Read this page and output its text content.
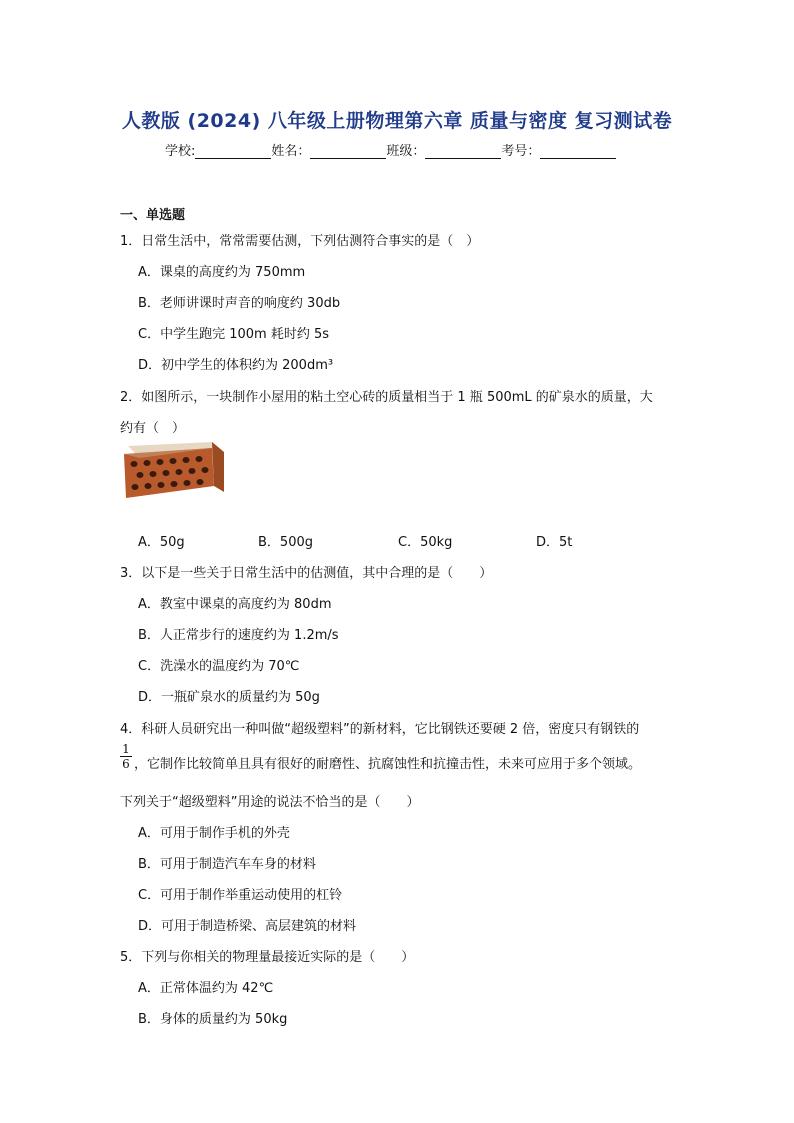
人教版 (2024) 八年级上册物理第六章 质量与密度 复习测试卷
学校:	姓名：	班级：	考号：
一、单选题
1．日常生活中，常常需要估测，下列估测符合事实的是（　）
A．课桌的高度约为 750mm
B．老师讲课时声音的响度约 30db
C．中学生跑完 100m 耗时约 5s
D．初中学生的体积约为 200dm³
2．如图所示，一块制作小屋用的粘土空心砖的质量相当于 1 瓶 500mL 的矿泉水的质量，大
约有（　）
A．50g	B．500g	C．50kg	D．5t
3．以下是一些关于日常生活中的估测值，其中合理的是（　　）
A．教室中课桌的高度约为 80dm
B．人正常步行的速度约为 1.2m/s
C．洗澡水的温度约为 70℃
D．一瓶矿泉水的质量约为 50g
4．科研人员研究出一种叫做“超级塑料”的新材料，它比钢铁还要硬 2 倍，密度只有钢铁的
$\frac{1}{6}$ ，它制作比较简单且具有很好的耐磨性、抗腐蚀性和抗撞击性，未来可应用于多个领域。
下列关于“超级塑料”用途的说法不恰当的是（　　）
A．可用于制作手机的外壳
B．可用于制造汽车车身的材料
C．可用于制作举重运动使用的杠铃
D．可用于制造桥梁、高层建筑的材料
5．下列与你相关的物理量最接近实际的是（　　）
A．正常体温约为 42℃
B．身体的质量约为 50kg
